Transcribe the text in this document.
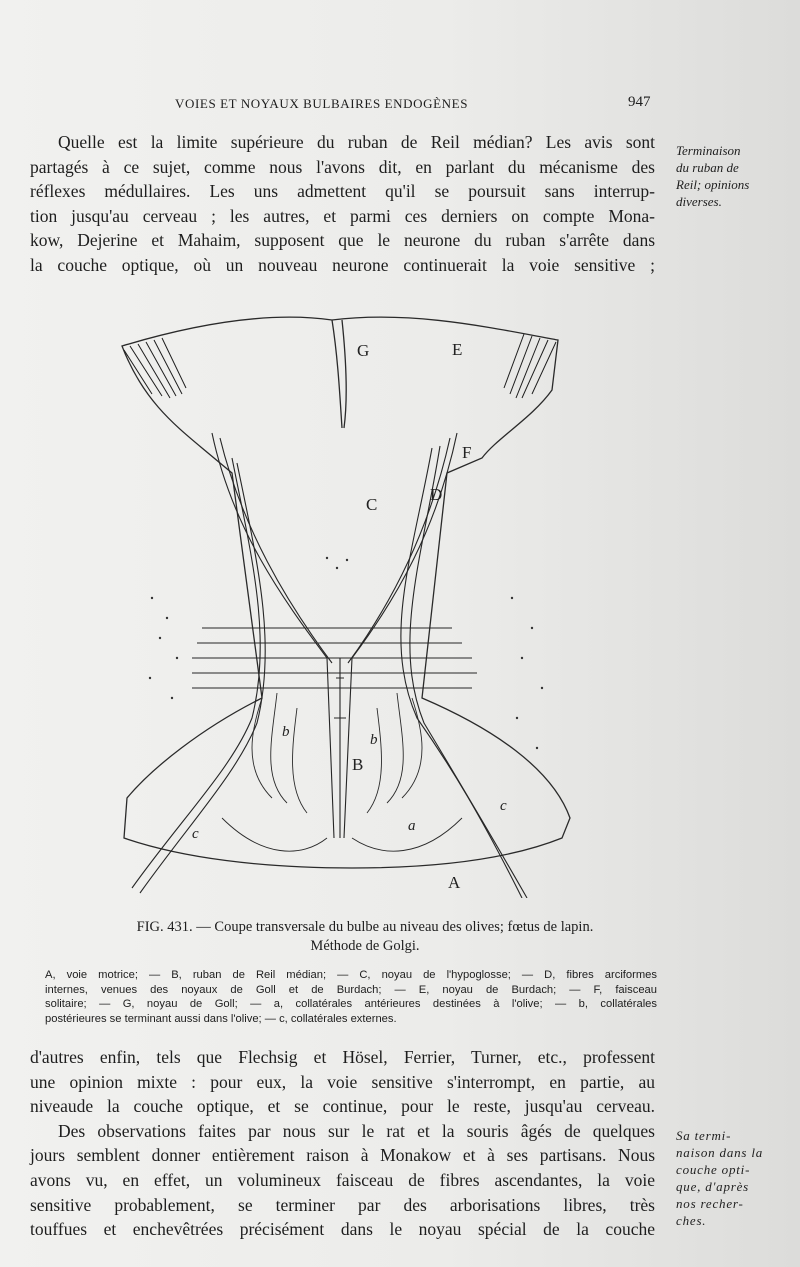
VOIES ET NOYAUX BULBAIRES ENDOGÈNES	947
Quelle est la limite supérieure du ruban de Reil médian? Les avis sont
partagés à ce sujet, comme nous l'avons dit, en parlant du mécanisme des
réflexes médullaires. Les uns admettent qu'il se poursuit sans interrup-
tion jusqu'au cerveau ; les autres, et parmi ces derniers on compte Mona-
kow, Dejerine et Mahaim, supposent que le neurone du ruban s'arrête dans
la couche optique, où un nouveau neurone continuerait la voie sensitive ;
Terminaison
du ruban de
Reil; opinions
diverses.
G	E
F
D
C
b	b
B
a
c
c
A
FIG. 431. — Coupe transversale du bulbe au niveau des olives; fœtus de lapin.
Méthode de Golgi.
A, voie motrice; — B, ruban de Reil médian; — C, noyau de l'hypoglosse; — D, fibres arciformes
internes, venues des noyaux de Goll et de Burdach; — E, noyau de Burdach; — F, faisceau
solitaire; — G, noyau de Goll; — a, collatérales antérieures destinées à l'olive; — b, collatérales
postérieures se terminant aussi dans l'olive; — c, collatérales externes.
d'autres enfin, tels que Flechsig et Hösel, Ferrier, Turner, etc., professent
une opinion mixte : pour eux, la voie sensitive s'interrompt, en partie, au
niveaude la couche optique, et se continue, pour le reste, jusqu'au cerveau.
Des observations faites par nous sur le rat et la souris âgés de quelques
jours semblent donner entièrement raison à Monakow et à ses partisans. Nous
avons vu, en effet, un volumineux faisceau de fibres ascendantes, la voie
sensitive probablement, se terminer par des arborisations libres, très
touffues et enchevêtrées précisément dans le noyau spécial de la couche
Sa termi-
naison dans la
couche opti-
que, d'après
nos recher-
ches.
